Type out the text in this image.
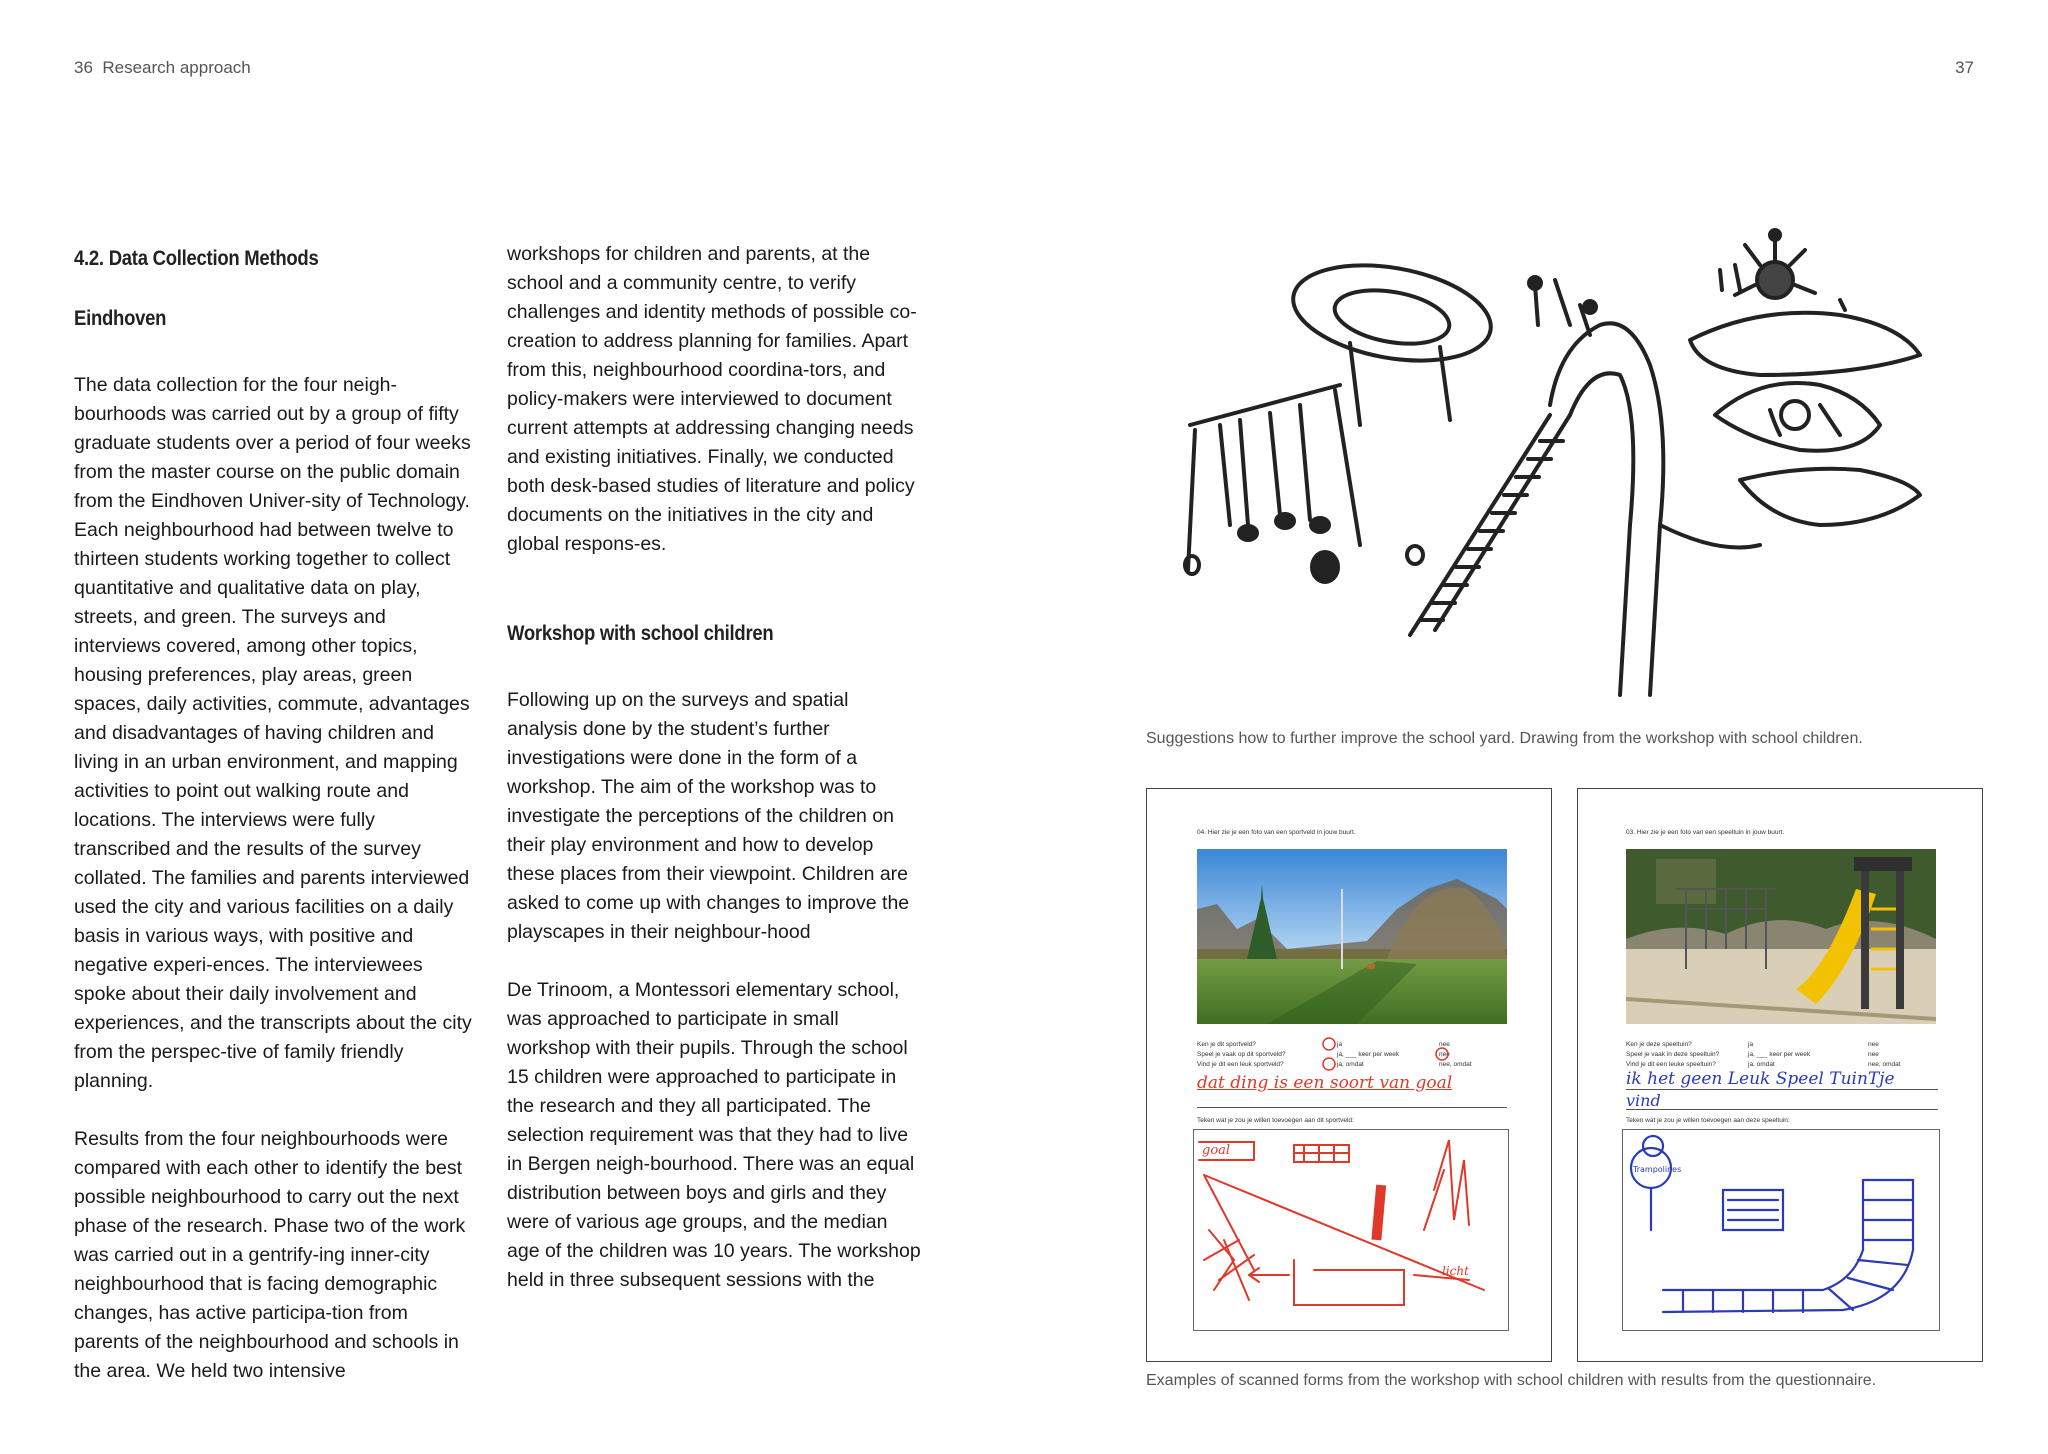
36 Research approach	37
4.2. Data Collection Methods
Eindhoven

The data collection for the four neigh-bourhoods was carried out by a group of fifty graduate students over a period of four weeks from the master course on the public domain from the Eindhoven Univer-sity of Technology. Each neighbourhood had between twelve to thirteen students working together to collect quantitative and qualitative data on play, streets, and green. The surveys and interviews covered, among other topics, housing preferences, play areas, green spaces, daily activities, commute, advantages and disadvantages of having children and living in an urban environment, and mapping activities to point out walking route and locations. The interviews were fully transcribed and the results of the survey collated. The families and parents interviewed used the city and various facilities on a daily basis in various ways, with positive and negative experi-ences. The interviewees spoke about their daily involvement and experiences, and the transcripts about the city from the perspec-tive of family friendly planning.

Results from the four neighbourhoods were compared with each other to identify the best possible neighbourhood to carry out the next phase of the research. Phase two of the work was carried out in a gentrify-ing inner-city neighbourhood that is facing demographic changes, has active participa-tion from parents of the neighbourhood and schools in the area. We held two intensive

workshops for children and parents, at the school and a community centre, to verify challenges and identity methods of possible co-creation to address planning for families. Apart from this, neighbourhood coordina-tors, and policy-makers were interviewed to document current attempts at addressing changing needs and existing initiatives. Finally, we conducted both desk-based studies of literature and policy documents on the initiatives in the city and global respons-es.

Workshop with school children

Following up on the surveys and spatial analysis done by the student’s further investigations were done in the form of a workshop. The aim of the workshop was to investigate the perceptions of the children on their play environment and how to develop these places from their viewpoint. Children are asked to come up with changes to improve the playscapes in their neighbour-hood

De Trinoom, a Montessori elementary school, was approached to participate in small workshop with their pupils. Through the school 15 children were approached to participate in the research and they all participated. The selection requirement was that they had to live in Bergen neigh-bourhood. There was an equal distribution between boys and girls and they were of various age groups, and the median age of the children was 10 years. The workshop held in three subsequent sessions with the

Suggestions how to further improve the school yard. Drawing from the workshop with school children.
04. Hier zie je een foto van een sportveld in jouw buurt.
Ken je dit sportveld?
Speel je vaak op dit sportveld?
Vind je dit een leuk sportveld?
ja
ja, ___ keer per week
ja, omdat
nee
nee
nee, omdat
dat ding is een soort van goal
Teken wat je zou je willen toevoegen aan dit sportveld:
goal
licht
03. Hier zie je een foto van een speeltuin in jouw buurt.
Ken je deze speeltuin?
Speel je vaak in deze speeltuin?
Vind je dit een leuke speeltuin?
ja
ja, ___ keer per week
ja, omdat
nee
nee
nee, omdat
ik het geen Leuk Speel TuinTje
vind
Teken wat je zou je willen toevoegen aan deze speeltuin:
Trampolines
Examples of scanned forms from the workshop with school children with results from the questionnaire.
